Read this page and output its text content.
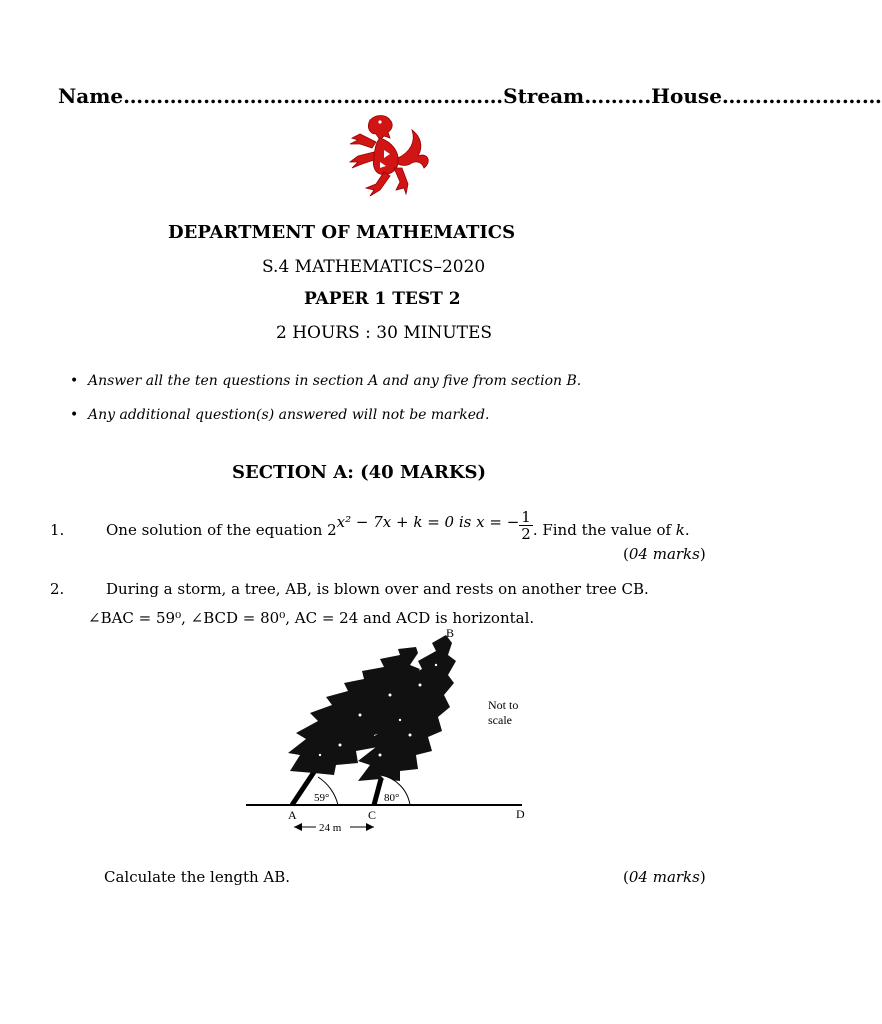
Name…………………………………………………Stream……….House……………………
DEPARTMENT OF MATHEMATICS
S.4 MATHEMATICS–2020
PAPER 1 TEST 2
2 HOURS : 30 MINUTES
• Answer all the ten questions in section A and any five from section B.
• Any additional question(s) answered will not be marked.
SECTION A: (40 MARKS)
1.	One solution of the equation 2x² − 7x + k = 0 is x = − $\frac{1}{2}$ . Find the value of k.
(04 marks)
2.	During a storm, a tree, AB, is blown over and rests on another tree CB.
∠BAC = 59⁰, ∠BCD = 80⁰, AC = 24 and ACD is horizontal.
59°	80°
B
A	C	D
Not to scale
24 m
Calculate the length AB.	(04 marks)
